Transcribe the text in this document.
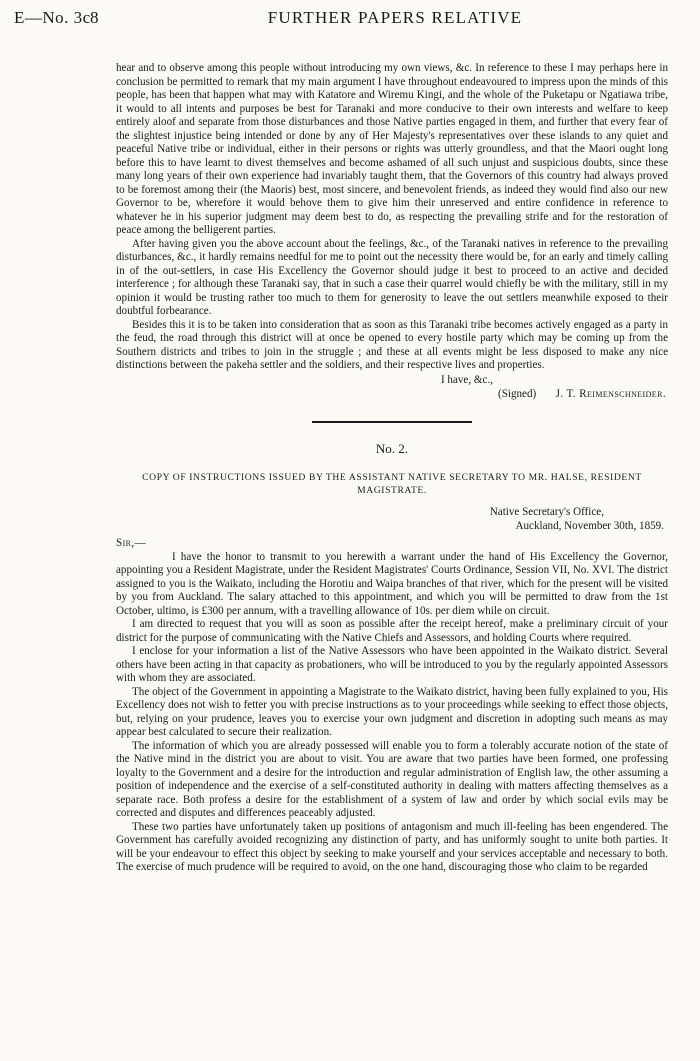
E—No. 3c 8	FURTHER PAPERS RELATIVE

hear and to observe among this people without introducing my own views, &c. In reference to these I may perhaps here in conclusion be permitted to remark that my main argument I have throughout endeavoured to impress upon the minds of this people, has been that happen what may with Katatore and Wiremu Kingi, and the whole of the Puketapu or Ngatiawa tribe, it would to all intents and purposes be best for Taranaki and more conducive to their own interests and welfare to keep entirely aloof and separate from those disturbances and those Native parties engaged in them, and further that every fear of the slightest injustice being intended or done by any of Her Majesty's representatives over these islands to any quiet and peaceful Native tribe or individual, either in their persons or rights was utterly groundless, and that the Maori ought long before this to have learnt to divest themselves and become ashamed of all such unjust and suspicious doubts, since these many long years of their own experience had invariably taught them, that the Governors of this country had always proved to be foremost among their (the Maoris) best, most sincere, and benevolent friends, as indeed they would find also our new Governor to be, wherefore it would behove them to give him their unreserved and entire confidence in reference to whatever he in his superior judgment may deem best to do, as respecting the prevailing strife and for the restoration of peace among the belligerent parties.

After having given you the above account about the feelings, &c., of the Taranaki natives in reference to the prevailing disturbances, &c., it hardly remains needful for me to point out the necessity there would be, for an early and timely calling in of the out-settlers, in case His Excellency the Governor should judge it best to proceed to an active and decided interference ; for although these Taranaki say, that in such a case their quarrel would chiefly be with the military, still in my opinion it would be trusting rather too much to them for generosity to leave the out settlers meanwhile exposed to their doubtful forbearance.

Besides this it is to be taken into consideration that as soon as this Taranaki tribe becomes actively engaged as a party in the feud, the road through this district will at once be opened to every hostile party which may be coming up from the Southern districts and tribes to join in the struggle ; and these at all events might be less disposed to make any nice distinctions between the pakeha settler and the soldiers, and their respective lives and properties.

I have, &c.,
(Signed) J. T. Reimenschneider.
No. 2.
COPY OF INSTRUCTIONS ISSUED BY THE ASSISTANT NATIVE SECRETARY TO MR. HALSE, RESIDENT MAGISTRATE.
Native Secretary's Office,
Auckland, November 30th, 1859.
Sir,—

I have the honor to transmit to you herewith a warrant under the hand of His Excellency the Governor, appointing you a Resident Magistrate, under the Resident Magistrates' Courts Ordinance, Session VII, No. XVI. The district assigned to you is the Waikato, including the Horotiu and Waipa branches of that river, which for the present will be visited by you from Auckland. The salary attached to this appointment, and which you will be permitted to draw from the 1st October, ultimo, is £300 per annum, with a travelling allowance of 10s. per diem while on circuit.

I am directed to request that you will as soon as possible after the receipt hereof, make a preliminary circuit of your district for the purpose of communicating with the Native Chiefs and Assessors, and holding Courts where required.

I enclose for your information a list of the Native Assessors who have been appointed in the Waikato district. Several others have been acting in that capacity as probationers, who will be introduced to you by the regularly appointed Assessors with whom they are associated.

The object of the Government in appointing a Magistrate to the Waikato district, having been fully explained to you, His Excellency does not wish to fetter you with precise instructions as to your proceedings while seeking to effect those objects, but, relying on your prudence, leaves you to exercise your own judgment and discretion in adopting such means as may appear best calculated to secure their realization.

The information of which you are already possessed will enable you to form a tolerably accurate notion of the state of the Native mind in the district you are about to visit. You are aware that two parties have been formed, one professing loyalty to the Government and a desire for the introduction and regular administration of English law, the other assuming a position of independence and the exercise of a self-constituted authority in dealing with matters affecting themselves as a separate race. Both profess a desire for the establishment of a system of law and order by which social evils may be corrected and disputes and differences peaceably adjusted.

These two parties have unfortunately taken up positions of antagonism and much ill-feeling has been engendered. The Government has carefully avoided recognizing any distinction of party, and has uniformly sought to unite both parties. It will be your endeavour to effect this object by seeking to make yourself and your services acceptable and necessary to both. The exercise of much prudence will be required to avoid, on the one hand, discouraging those who claim to be regarded
